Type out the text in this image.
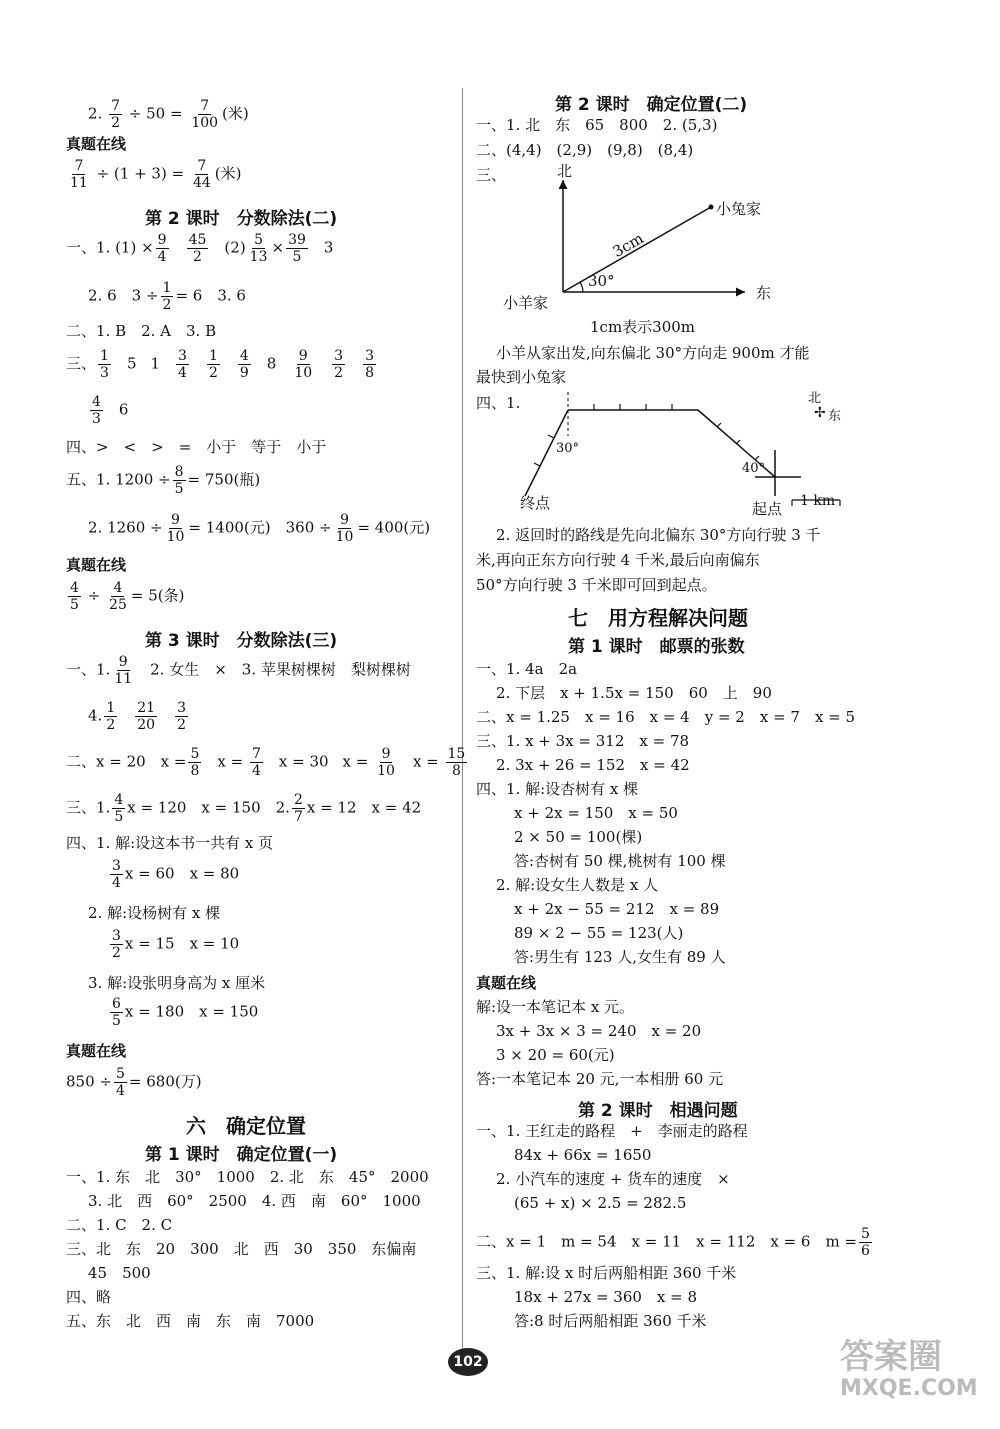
2. $\frac{7}{2} \div 50 = \frac{7}{100}$ (米)
真题在线
$\frac{7}{11} \div (1 + 3) = \frac{7}{44}$ (米)
第 2 课时　分数除法(二)
一、1. $(1) \times \frac{9}{4} \frac{45}{2} (2) \frac{5}{13} \times \frac{39}{5} 3$
2. 6　$3 \div \frac{1}{2} = 6$　3. 6
二、1. B　2. A　3. B
三、 $\frac{1}{3} 5$ $1 \frac{3}{4} \frac{1}{2} \frac{4}{9} 8 \frac{9}{10} \frac{3}{2} \frac{3}{8}$
$\frac{4}{3} 6$
四、>　<　>　=　小于　等于　小于
五、1. $1200 \div \frac{8}{5} = 750$(瓶)
2. $1260 \div \frac{9}{10} = 1400$(元)　$360 \div \frac{9}{10} = 400$(元)
真题在线
$\frac{4}{5} \div \frac{4}{25} = 5$(条)
第 3 课时　分数除法(三)
一、1. $\frac{9}{11} 2$. 女生　×　3. 苹果树棵树　梨树棵树
4. $\frac{1}{2} \frac{21}{20} \frac{3}{2}$
二、x = 20　$x = \frac{5}{8}$ $x = \frac{7}{4}$ x = 30 $x = \frac{9}{10}$ $x = \frac{15}{8}$
三、1. $\frac{4}{5}$ x = 120　x = 150　2. $\frac{2}{7}$ x = 12　x = 42
四、1. 解:设这本书一共有 x 页
$\frac{3}{4}$ x = 60　x = 80
2. 解:设杨树有 x 棵
$\frac{3}{2}$ x = 15　x = 10
3. 解:设张明身高为 x 厘米
$\frac{6}{5}$ x = 180　x = 150
真题在线
$850 \div \frac{5}{4} = 680$(万)
六　确定位置
第 1 课时　确定位置(一)
一、1. 东　北　30°　1000　2. 北　东　45°　2000
3. 北　西　60°　2500　4. 西　南　60°　1000
二、1. C　2. C
三、北　东　20　300　北　西　30　350　东偏南
45　500
四、略
五、东　北　西　南　东　南　7000
第 2 课时　确定位置(二)
一、1. 北　东　65　800　2. (5,3)
二、(4,4)　(2,9)　(9,8)　(8,4)
三、	北
东
小兔家
小羊家
3cm
30°
1cm表示300m
小羊从家出发,向东偏北 30°方向走 900m 才能
最快到小兔家
四、1.
30°
40°
终点	起点 1 km
北
东
✢
2. 返回时的路线是先向北偏东 30°方向行驶 3 千
米,再向正东方向行驶 4 千米,最后向南偏东
50°方向行驶 3 千米即可回到起点。
七　用方程解决问题
第 1 课时　邮票的张数
一、1. 4a　2a
2. 下层　x + 1.5x = 150　60　上　90
二、x = 1.25　x = 16　x = 4　y = 2　x = 7　x = 5
三、1. x + 3x = 312　x = 78
2. 3x + 26 = 152　x = 42
四、1. 解:设杏树有 x 棵
x + 2x = 150　x = 50
2 × 50 = 100(棵)
答:杏树有 50 棵,桃树有 100 棵
2. 解:设女生人数是 x 人
x + 2x − 55 = 212　x = 89
89 × 2 − 55 = 123(人)
答:男生有 123 人,女生有 89 人
真题在线
解:设一本笔记本 x 元。
3x + 3x × 3 = 240　x = 20
3 × 20 = 60(元)
答:一本笔记本 20 元,一本相册 60 元
第 2 课时　相遇问题
一、1. 王红走的路程　+　李丽走的路程
84x + 66x = 1650
2. 小汽车的速度 + 货车的速度　×
(65 + x) × 2.5 = 282.5
二、x = 1　m = 54　x = 11　x = 112　x = 6　$m = \frac{5}{6}$
三、1. 解:设 x 时后两船相距 360 千米
18x + 27x = 360　x = 8
答:8 时后两船相距 360 千米
102	答案圈
MXQE.COM
